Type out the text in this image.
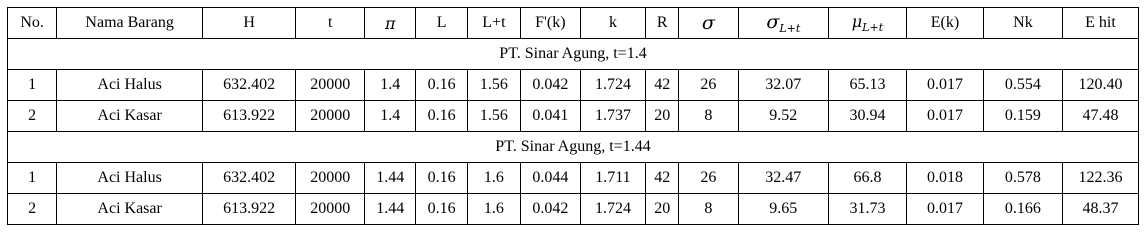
No.	Nama Barang	H	t	π	L	L+t	F'(k)	k	R	σ	$\sigma_{L+t}$	$\mu_{L+t}$	E(k)	Nk	E hit
PT. Sinar Agung, t=1.4															
1	Aci Halus	632.402	20000	1.4	0.16	1.56	0.042	1.724	42	26	32.07	65.13	0.017	0.554	120.40
2	Aci Kasar	613.922	20000	1.4	0.16	1.56	0.041	1.737	20	8	9.52	30.94	0.017	0.159	47.48
PT. Sinar Agung, t=1.44															
1	Aci Halus	632.402	20000	1.44	0.16	1.6	0.044	1.711	42	26	32.47	66.8	0.018	0.578	122.36
2	Aci Kasar	613.922	20000	1.44	0.16	1.6	0.042	1.724	20	8	9.65	31.73	0.017	0.166	48.37
